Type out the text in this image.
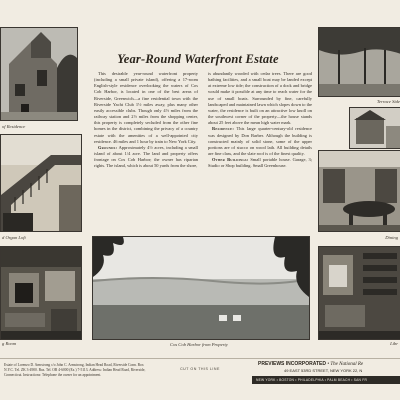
of Residence
d Organ Loft
g Room
Year-Round Waterfront Estate

This desirable year-round waterfront property (including a small private island), offering a 17-room English-style residence overlooking the waters of Cos Cob Harbor, is located in one of the best areas of Riverside, Greenwich—a fine residential town with the Riverside Yacht Club 1½ miles away, plus many other easily accessible clubs. Though only 4½ miles from the railway station and 2½ miles from the shopping center, this property is completely secluded from the other fine homes in the district, combining the privacy of a country estate with the amenities of a well-appointed city residence. 46 miles and 1 hour by train to New York City.

Grounds: Approximately 4½ acres, including a small island of about 1/4 acre. The land and property offers frontage on Cos Cob Harbor; the owner has riparian rights. The island, which is about 50 yards from the shore,

is abundantly wooded with cedar trees. There are good bathing facilities, and a small boat may be landed except at extreme low tide; the construction of a dock and bridge would make it possible at any time to reach water for the use of small boats. Surrounded by fine, carefully landscaped and maintained lawn which slopes down to the water, the residence is built on an attractive low knoll on the southwest corner of the property—the house stands about 25 feet above the mean high water mark.

Residence: This large quarter-century-old residence was designed by Don Barber. Although the building is constructed mainly of solid stone, some of the upper portions are of stucco on wood lath. All building details are fine class, and the slate roof is of the finest quality.

Other Buildings: Small portable house. Garage, 3; Studio or Shop building. Small Greenhouse.

Cos Cob Harbor from Property
Terrace Side
Dining
Libr
Estate of Lorenzo D. Armstrong c/o John C. Armstrong, Indian Head Road, Riverside Conn. Box N.Y.C. Tel. ZK 3-4900. Bus. Tel. OR 4-6000 (Ex.) 7-5113. Address: Indian Head Road, Riverside, Connecticut. Instructions: Telephone the owner for an appointment.
CUT ON THIS LINE
PREVIEWS INCORPORATED • The National Re
49 EAST 53RD STREET, NEW YORK 22, N
NEW YORK • BOSTON • PHILADELPHIA • PALM BEACH • SAN FR
